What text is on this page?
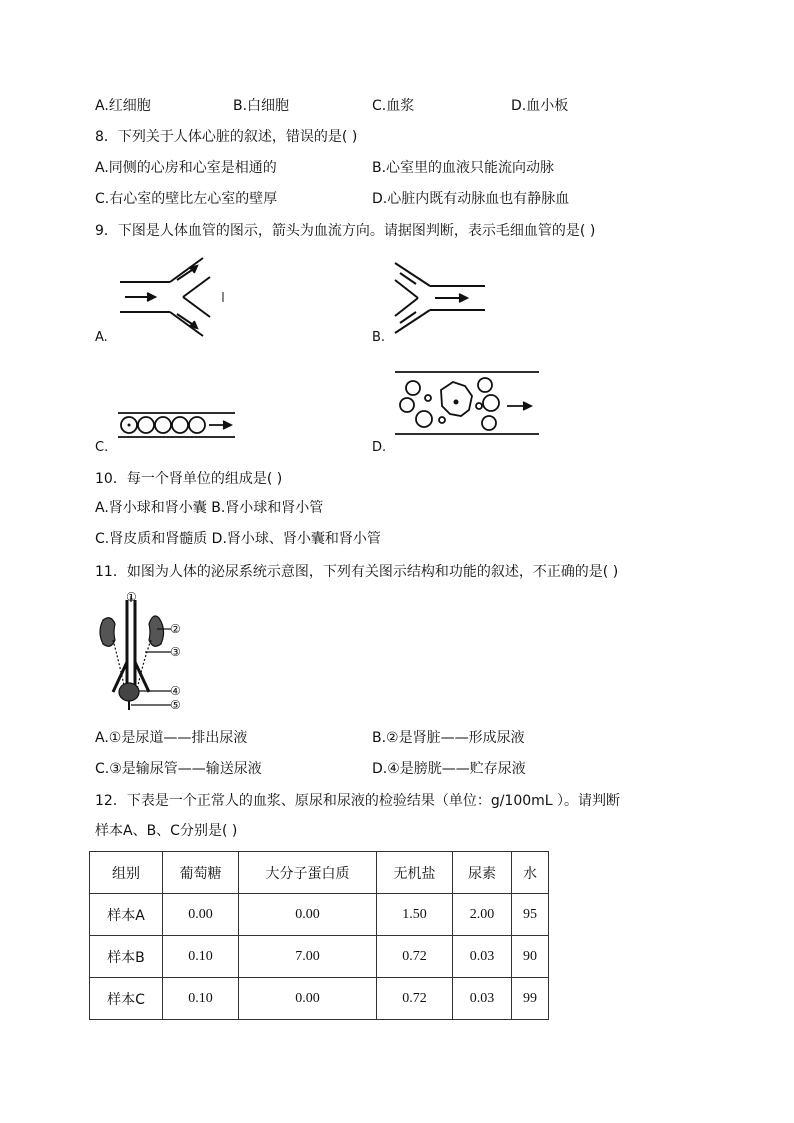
A.红细胞	B.白细胞	C.血浆	D.血小板
8．下列关于人体心脏的叙述，错误的是( )
A.同侧的心房和心室是相通的	B.心室里的血液只能流向动脉
C.右心室的壁比左心室的壁厚	D.心脏内既有动脉血也有静脉血
9．下图是人体血管的图示，箭头为血流方向。请据图判断，表示毛细血管的是( )
A.	B.
C.	D.
10．每一个肾单位的组成是( )
A.肾小球和肾小囊 B.肾小球和肾小管
C.肾皮质和肾髓质 D.肾小球、肾小囊和肾小管
11．如图为人体的泌尿系统示意图，下列有关图示结构和功能的叙述，不正确的是( )
①
②
③
④
⑤
A.①是尿道——排出尿液	B.②是肾脏——形成尿液
C.③是输尿管——输送尿液	D.④是膀胱——贮存尿液
12．下表是一个正常人的血浆、原尿和尿液的检验结果（单位：g/100mL ）。请判断
样本A、B、C分别是( )
组别	葡萄糖	大分子蛋白质	无机盐	尿素	水
样本A	0.00	0.00	1.50	2.00	95
样本B	0.10	7.00	0.72	0.03	90
样本C	0.10	0.00	0.72	0.03	99
